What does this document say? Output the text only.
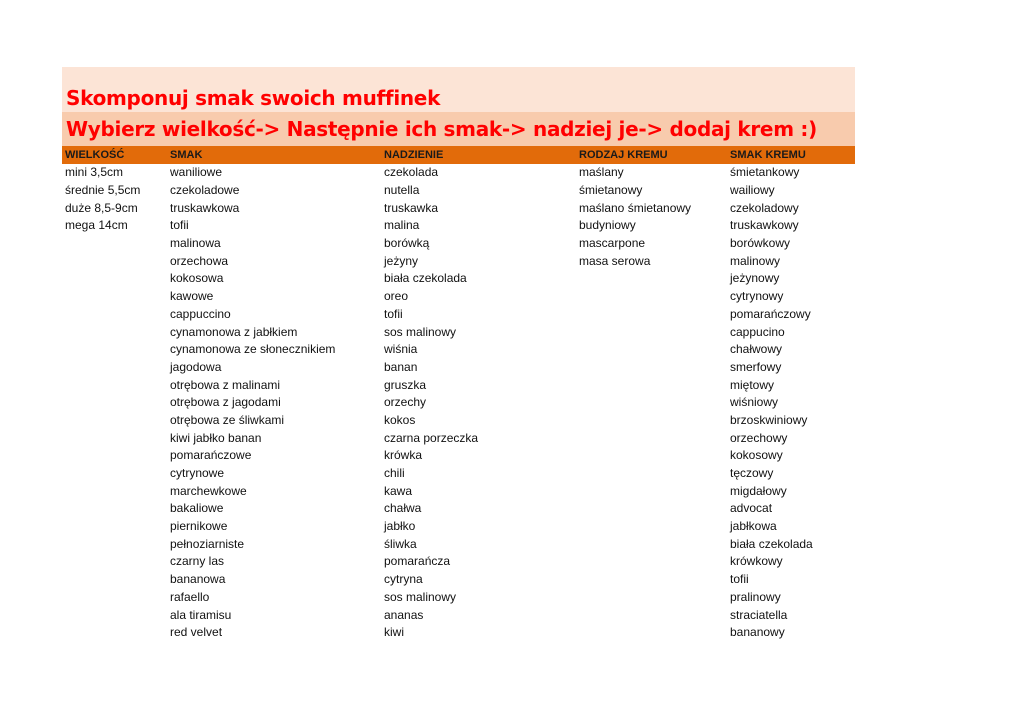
Skomponuj smak swoich muffinek
Wybierz wielkość-> Następnie ich smak-> nadziej je-> dodaj krem :)
WIELKOŚĆ	SMAK	NADZIENIE	RODZAJ KREMU	SMAK KREMU
mini 3,5cm	waniliowe	czekolada	maślany	śmietankowy
średnie 5,5cm	czekoladowe	nutella	śmietanowy	wailiowy
duże 8,5-9cm	truskawkowa	truskawka	maślano śmietanowy	czekoladowy
mega 14cm	tofii	malina	budyniowy	truskawkowy
	malinowa	borówką	mascarpone	borówkowy
	orzechowa	jeżyny	masa serowa	malinowy
	kokosowa	biała czekolada		jeżynowy
	kawowe	oreo		cytrynowy
	cappuccino	tofii		pomarańczowy
	cynamonowa z jabłkiem	sos malinowy		cappucino
	cynamonowa ze słonecznikiem	wiśnia		chałwowy
	jagodowa	banan		smerfowy
	otrębowa z malinami	gruszka		miętowy
	otrębowa z jagodami	orzechy		wiśniowy
	otrębowa ze śliwkami	kokos		brzoskwiniowy
	kiwi jabłko banan	czarna porzeczka		orzechowy
	pomarańczowe	krówka		kokosowy
	cytrynowe	chili		tęczowy
	marchewkowe	kawa		migdałowy
	bakaliowe	chałwa		advocat
	piernikowe	jabłko		jabłkowa
	pełnoziarniste	śliwka		biała czekolada
	czarny las	pomarańcza		krówkowy
	bananowa	cytryna		tofii
	rafaello	sos malinowy		pralinowy
	ala tiramisu	ananas		straciatella
	red velvet	kiwi		bananowy
